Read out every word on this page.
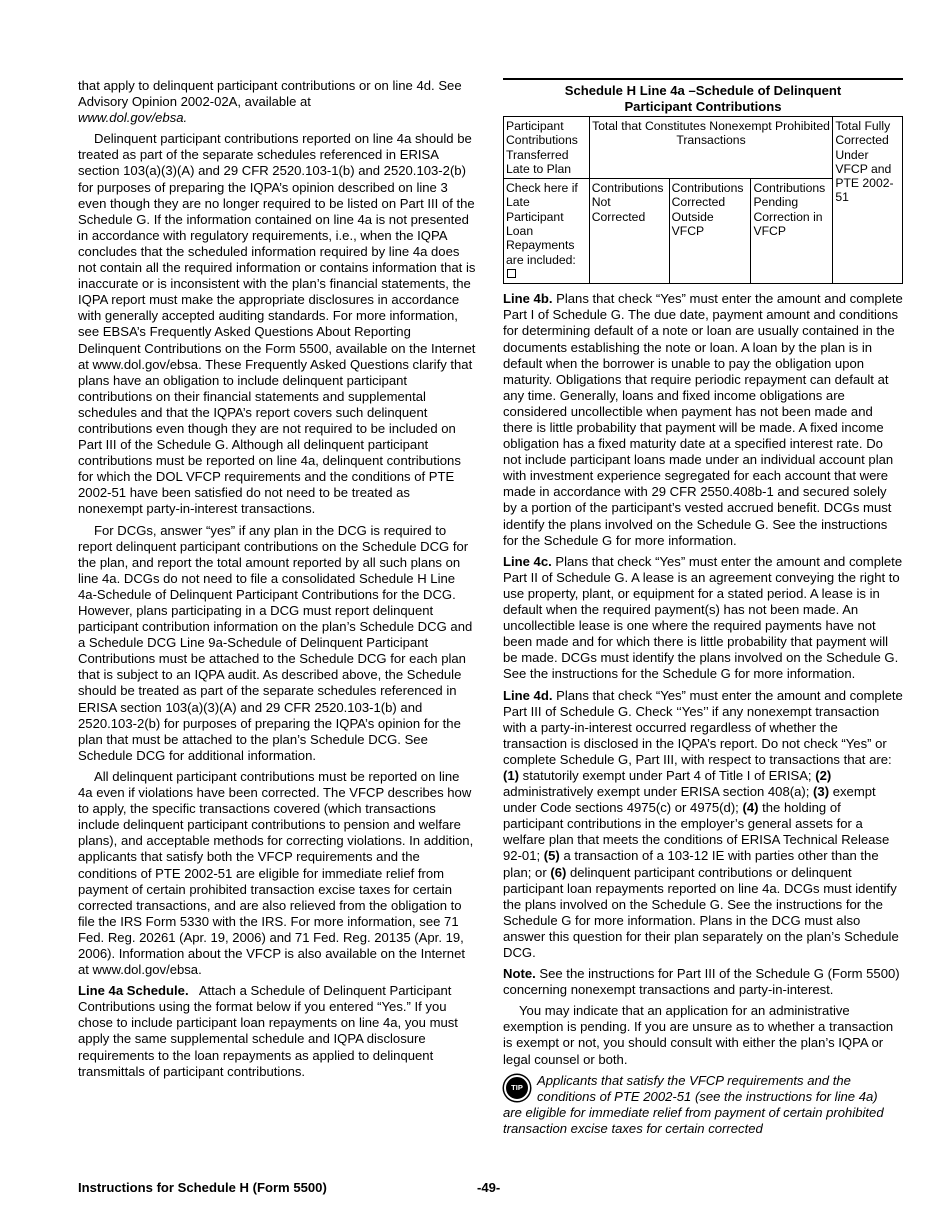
that apply to delinquent participant contributions or on line 4d. See Advisory Opinion 2002-02A, available at
www.dol.gov/ebsa.

Delinquent participant contributions reported on line 4a should be treated as part of the separate schedules referenced in ERISA section 103(a)(3)(A) and 29 CFR 2520.103-1(b) and 2520.103-2(b) for purposes of preparing the IQPA’s opinion described on line 3 even though they are no longer required to be listed on Part III of the Schedule G. If the information contained on line 4a is not presented in accordance with regulatory requirements, i.e., when the IQPA concludes that the scheduled information required by line 4a does not contain all the required information or contains information that is inaccurate or is inconsistent with the plan’s financial statements, the IQPA report must make the appropriate disclosures in accordance with generally accepted auditing standards. For more information, see EBSA’s Frequently Asked Questions About Reporting Delinquent Contributions on the Form 5500, available on the Internet at www.dol.gov/ebsa. These Frequently Asked Questions clarify that plans have an obligation to include delinquent participant contributions on their financial statements and supplemental schedules and that the IQPA’s report covers such delinquent contributions even though they are not required to be included on Part III of the Schedule G. Although all delinquent participant contributions must be reported on line 4a, delinquent contributions for which the DOL VFCP requirements and the conditions of PTE 2002-51 have been satisfied do not need to be treated as nonexempt party-in-interest transactions.

For DCGs, answer “yes” if any plan in the DCG is required to report delinquent participant contributions on the Schedule DCG for the plan, and report the total amount reported by all such plans on line 4a. DCGs do not need to file a consolidated Schedule H Line 4a-Schedule of Delinquent Participant Contributions for the DCG. However, plans participating in a DCG must report delinquent participant contribution information on the plan’s Schedule DCG and a Schedule DCG Line 9a-Schedule of Delinquent Participant Contributions must be attached to the Schedule DCG for each plan that is subject to an IQPA audit. As described above, the Schedule should be treated as part of the separate schedules referenced in ERISA section 103(a)(3)(A) and 29 CFR 2520.103-1(b) and 2520.103-2(b) for purposes of preparing the IQPA’s opinion for the plan that must be attached to the plan’s Schedule DCG. See Schedule DCG for additional information.

All delinquent participant contributions must be reported on line 4a even if violations have been corrected. The VFCP describes how to apply, the specific transactions covered (which transactions include delinquent participant contributions to pension and welfare plans), and acceptable methods for correcting violations. In addition, applicants that satisfy both the VFCP requirements and the conditions of PTE 2002-51 are eligible for immediate relief from payment of certain prohibited transaction excise taxes for certain corrected transactions, and are also relieved from the obligation to file the IRS Form 5330 with the IRS. For more information, see 71 Fed. Reg. 20261 (Apr. 19, 2006) and 71 Fed. Reg. 20135 (Apr. 19, 2006). Information about the VFCP is also available on the Internet at www.dol.gov/ebsa.

Line 4a Schedule. Attach a Schedule of Delinquent Participant Contributions using the format below if you entered “Yes.” If you chose to include participant loan repayments on line 4a, you must apply the same supplemental schedule and IQPA disclosure requirements to the loan repayments as applied to delinquent transmittals of participant contributions.

Schedule H Line 4a –Schedule of Delinquent
Participant Contributions
Participant Contributions Transferred Late to Plan	Total that Constitutes Nonexempt Prohibited Transactions			Total Fully Corrected Under VFCP and PTE 2002-51
Check here if Late Participant Loan Repayments are included:	Contributions Not Corrected	Contributions Corrected Outside VFCP	Contributions Pending Correction in VFCP	

Line 4b. Plans that check “Yes” must enter the amount and complete Part I of Schedule G. The due date, payment amount and conditions for determining default of a note or loan are usually contained in the documents establishing the note or loan. A loan by the plan is in default when the borrower is unable to pay the obligation upon maturity. Obligations that require periodic repayment can default at any time. Generally, loans and fixed income obligations are considered uncollectible when payment has not been made and there is little probability that payment will be made. A fixed income obligation has a fixed maturity date at a specified interest rate. Do not include participant loans made under an individual account plan with investment experience segregated for each account that were made in accordance with 29 CFR 2550.408b-1 and secured solely by a portion of the participant’s vested accrued benefit. DCGs must identify the plans involved on the Schedule G. See the instructions for the Schedule G for more information.

Line 4c. Plans that check “Yes” must enter the amount and complete Part II of Schedule G. A lease is an agreement conveying the right to use property, plant, or equipment for a stated period. A lease is in default when the required payment(s) has not been made. An uncollectible lease is one where the required payments have not been made and for which there is little probability that payment will be made. DCGs must identify the plans involved on the Schedule G. See the instructions for the Schedule G for more information.

Line 4d. Plans that check “Yes” must enter the amount and complete Part III of Schedule G. Check ‘‘Yes’’ if any nonexempt transaction with a party-in-interest occurred regardless of whether the transaction is disclosed in the IQPA’s report. Do not check “Yes” or complete Schedule G, Part III, with respect to transactions that are: (1) statutorily exempt under Part 4 of Title I of ERISA; (2) administratively exempt under ERISA section 408(a); (3) exempt under Code sections 4975(c) or 4975(d); (4) the holding of participant contributions in the employer’s general assets for a welfare plan that meets the conditions of ERISA Technical Release 92-01; (5) a transaction of a 103-12 IE with parties other than the plan; or (6) delinquent participant contributions or delinquent participant loan repayments reported on line 4a. DCGs must identify the plans involved on the Schedule G. See the instructions for the Schedule G for more information. Plans in the DCG must also answer this question for their plan separately on the plan’s Schedule DCG.

Note. See the instructions for Part III of the Schedule G (Form 5500) concerning nonexempt transactions and party-in-interest.

You may indicate that an application for an administrative exemption is pending. If you are unsure as to whether a transaction is exempt or not, you should consult with either the plan’s IQPA or legal counsel or both.

TIP	Applicants that satisfy the VFCP requirements and the conditions of PTE 2002-51 (see the instructions for line 4a)
are eligible for immediate relief from payment of certain prohibited transaction excise taxes for certain corrected
Instructions for Schedule H (Form 5500)	-49-
